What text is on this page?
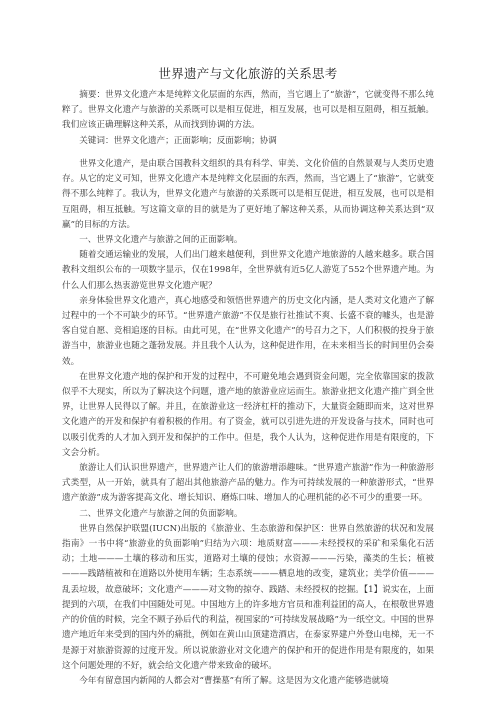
世界遗产与文化旅游的关系思考

摘要：世界文化遗产本是纯粹文化层面的东西，然而，当它遇上了“旅游”，它就变得不那么纯粹了。世界文化遗产与旅游的关系既可以是相互促进，相互发展，也可以是相互阻碍，相互抵触。我们应该正确理解这种关系，从而找到协调的方法。

关键词：世界文化遗产；正面影响；反面影响；协调

世界文化遗产，是由联合国教科文组织的具有科学、审美、文化价值的自然景观与人类历史遗存。从它的定义可知，世界文化遗产本是纯粹文化层面的东西，然而，当它遇上了“旅游”，它就变得不那么纯粹了。我认为，世界文化遗产与旅游的关系既可以是相互促进，相互发展，也可以是相互阻碍，相互抵触。写这篇文章的目的就是为了更好地了解这种关系，从而协调这种关系达到“双赢”的目标的方法。

一、世界文化遗产与旅游之间的正面影响。

随着交通运输业的发展，人们出门越来越便利，到世界文化遗产地旅游的人越来越多。联合国教科文组织公布的一项数字显示，仅在1998年，全世界就有近5亿人游览了552个世界遗产地。为什么人们那么热衷游览世界文化遗产呢？

亲身体验世界文化遗产，真心地感受和领悟世界遗产的历史文化内涵，是人类对文化遗产了解过程中的一个不可缺少的环节。“世界遗产旅游”不仅是旅行社推试不爽、长盛不衰的噱头，也是游客自觉自愿、竞相追逐的目标。由此可见，在“世界文化遗产”的号召力之下，人们积极的投身于旅游当中，旅游业也随之蓬勃发展。并且我个人认为，这种促进作用，在未来相当长的时间里仍会奏效。

在世界文化遗产地的保护和开发的过程中，不可避免地会遇到资金问题，完全依靠国家的拨款似乎不大现实，所以为了解决这个问题，遗产地的旅游业应运而生。旅游业把文化遗产推广到全世界，让世界人民得以了解。并且，在旅游业这一经济杠杆的推动下，大量资金随即而来，这对世界文化遗产的开发和保护有着积极的作用。有了资金，就可以引进先进的开发设备与技术，同时也可以吸引优秀的人才加入到开发和保护的工作中。但是，我个人认为，这种促进作用是有限度的，下文会分析。

旅游让人们认识世界遗产，世界遗产让人们的旅游增添趣味。“世界遗产旅游”作为一种旅游形式类型，从一开始，就具有了超出其他旅游产品的魅力。作为可持续发展的一种旅游形式，“世界遗产旅游”成为游客提高文化、增长知识、磨炼口味、增加人的心理机能的必不可少的重要一环。

二、世界文化遗产与旅游之间的负面影响。

世界自然保护联盟(IUCN)出版的《旅游业、生态旅游和保护区：世界自然旅游的状况和发展指南》一书中将“旅游业的负面影响”归结为六项：地质财富———未经授权的采矿和采集化石活动；土地———土壤的移动和压实，道路对土壤的侵蚀；水资源———污染，藻类的生长；植被———践踏植被和在道路以外使用车辆；生态系统———栖息地的改变，建筑业；美学价值———乱丢垃圾，故意破坏；文化遗产———对文物的掠夺、践踏、未经授权的挖掘。【1】说实在，上面提到的六项，在我们中国随处可见。中国地方上的许多地方官员和准利益团的高人，在根敬世界遗产的价值的时候，完全不顾子孙后代的利益，视国家的“可持续发展战略”为一纸空文。中国的世界遗产地近年来受到的国内外的痛批，例如在黄山山顶建造酒店，在泰家界建户外登山电梯，无一不是源于对旅游资源的过度开发。所以说旅游业对文化遗产的保护和开的促进作用是有限度的，如果这个问题处理的不好，就会给文化遗产带来致命的破坏。

今年有留意国内新闻的人都会对“曹操墓”有所了解。这是因为文化遗产能够造就境
